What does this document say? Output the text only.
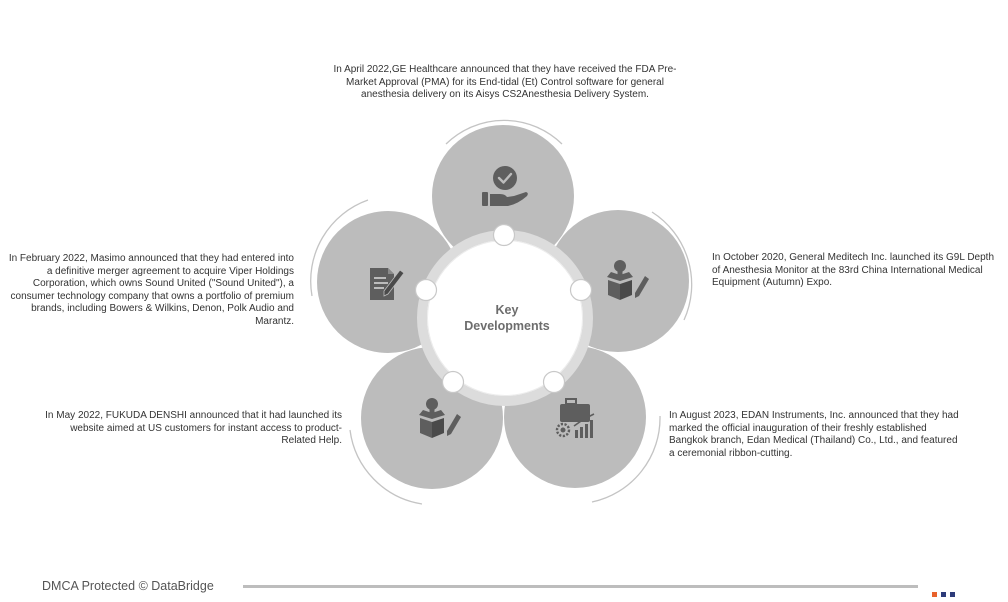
Key
Developments

In April 2022,GE Healthcare announced that they have received the FDA Pre-Market Approval (PMA) for its End-tidal (Et) Control software for general anesthesia delivery on its Aisys CS2Anesthesia Delivery System.

In October 2020, General Meditech Inc. launched its G9L Depth of Anesthesia Monitor at the 83rd China International Medical Equipment (Autumn) Expo.

In August 2023, EDAN Instruments, Inc. announced that they had marked the official inauguration of their freshly established Bangkok branch, Edan Medical (Thailand) Co., Ltd., and featured a ceremonial ribbon-cutting.

In May 2022, FUKUDA DENSHI announced that it had launched its website aimed at US customers for instant access to product-Related Help.

In February 2022, Masimo announced that they had entered into a definitive merger agreement to acquire Viper Holdings Corporation, which owns Sound United ("Sound United"), a consumer technology company that owns a portfolio of premium brands, including Bowers & Wilkins, Denon, Polk Audio and Marantz.

DMCA Protected © DataBridge
